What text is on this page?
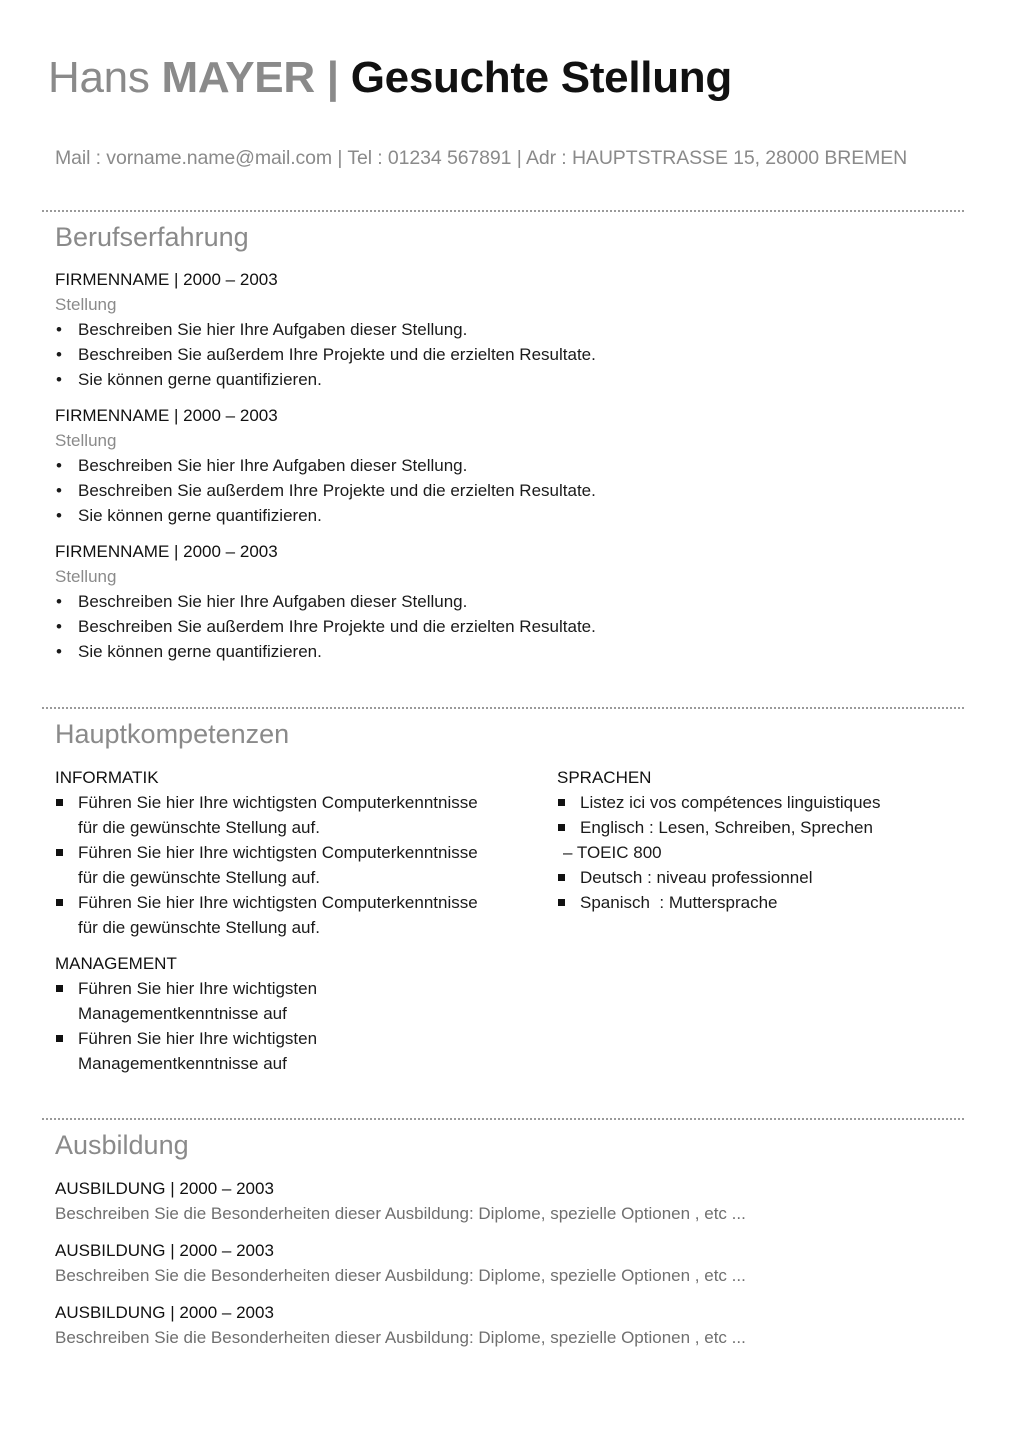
Hans MAYER | Gesuchte Stellung
Mail : vorname.name@mail.com | Tel : 01234 567891 | Adr : HAUPTSTRASSE 15, 28000 BREMEN
Berufserfahrung
FIRMENNAME | 2000 – 2003
Stellung
• Beschreiben Sie hier Ihre Aufgaben dieser Stellung.
• Beschreiben Sie außerdem Ihre Projekte und die erzielten Resultate.
• Sie können gerne quantifizieren.
FIRMENNAME | 2000 – 2003
Stellung
• Beschreiben Sie hier Ihre Aufgaben dieser Stellung.
• Beschreiben Sie außerdem Ihre Projekte und die erzielten Resultate.
• Sie können gerne quantifizieren.
FIRMENNAME | 2000 – 2003
Stellung
• Beschreiben Sie hier Ihre Aufgaben dieser Stellung.
• Beschreiben Sie außerdem Ihre Projekte und die erzielten Resultate.
• Sie können gerne quantifizieren.
Hauptkompetenzen
INFORMATIK
Führen Sie hier Ihre wichtigsten Computerkenntnisse
für die gewünschte Stellung auf.
Führen Sie hier Ihre wichtigsten Computerkenntnisse
für die gewünschte Stellung auf.
Führen Sie hier Ihre wichtigsten Computerkenntnisse
für die gewünschte Stellung auf.
MANAGEMENT
Führen Sie hier Ihre wichtigsten
Managementkenntnisse auf
Führen Sie hier Ihre wichtigsten
Managementkenntnisse auf
SPRACHEN
Listez ici vos compétences linguistiques
Englisch : Lesen, Schreiben, Sprechen
– TOEIC 800
Deutsch : niveau professionnel
Spanisch  : Muttersprache
Ausbildung
AUSBILDUNG | 2000 – 2003
Beschreiben Sie die Besonderheiten dieser Ausbildung: Diplome, spezielle Optionen , etc ...
AUSBILDUNG | 2000 – 2003
Beschreiben Sie die Besonderheiten dieser Ausbildung: Diplome, spezielle Optionen , etc ...
AUSBILDUNG | 2000 – 2003
Beschreiben Sie die Besonderheiten dieser Ausbildung: Diplome, spezielle Optionen , etc ...
